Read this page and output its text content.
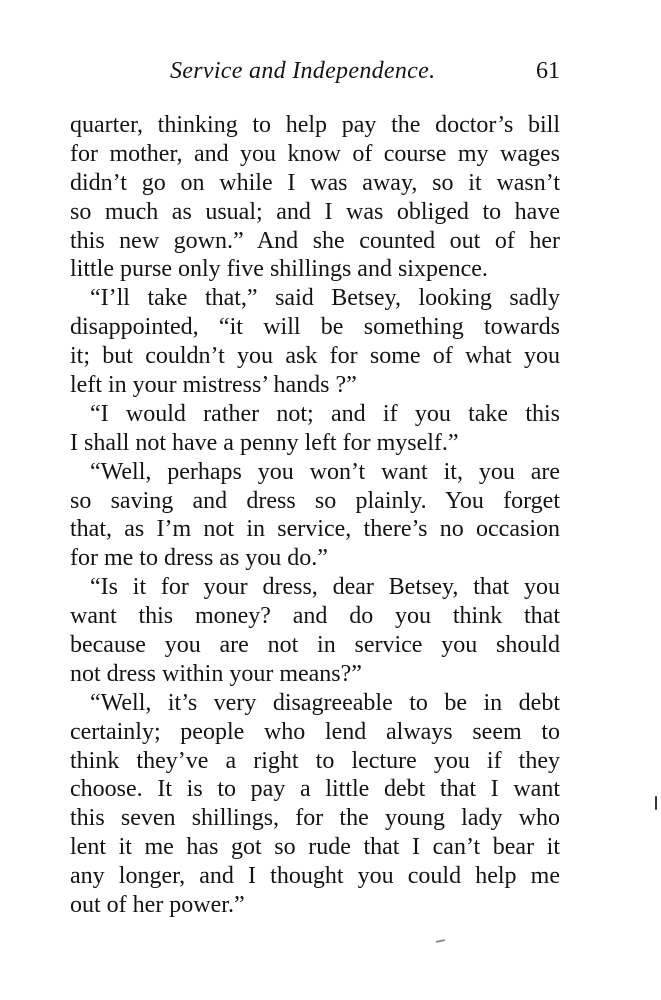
Service and Independence.	61
quarter, thinking to help pay the doctor’s bill
for mother, and you know of course my wages
didn’t go on while I was away, so it wasn’t
so much as usual; and I was obliged to have
this new gown.” And she counted out of her
little purse only five shillings and sixpence.
“I’ll take that,” said Betsey, looking sadly
disappointed, “it will be something towards
it; but couldn’t you ask for some of what you
left in your mistress’ hands ?”
“I would rather not; and if you take this
I shall not have a penny left for myself.”
“Well, perhaps you won’t want it, you are
so saving and dress so plainly. You forget
that, as I’m not in service, there’s no occasion
for me to dress as you do.”
“Is it for your dress, dear Betsey, that you
want this money? and do you think that
because you are not in service you should
not dress within your means?”
“Well, it’s very disagreeable to be in debt
certainly; people who lend always seem to
think they’ve a right to lecture you if they
choose. It is to pay a little debt that I want
this seven shillings, for the young lady who
lent it me has got so rude that I can’t bear it
any longer, and I thought you could help me
out of her power.”
